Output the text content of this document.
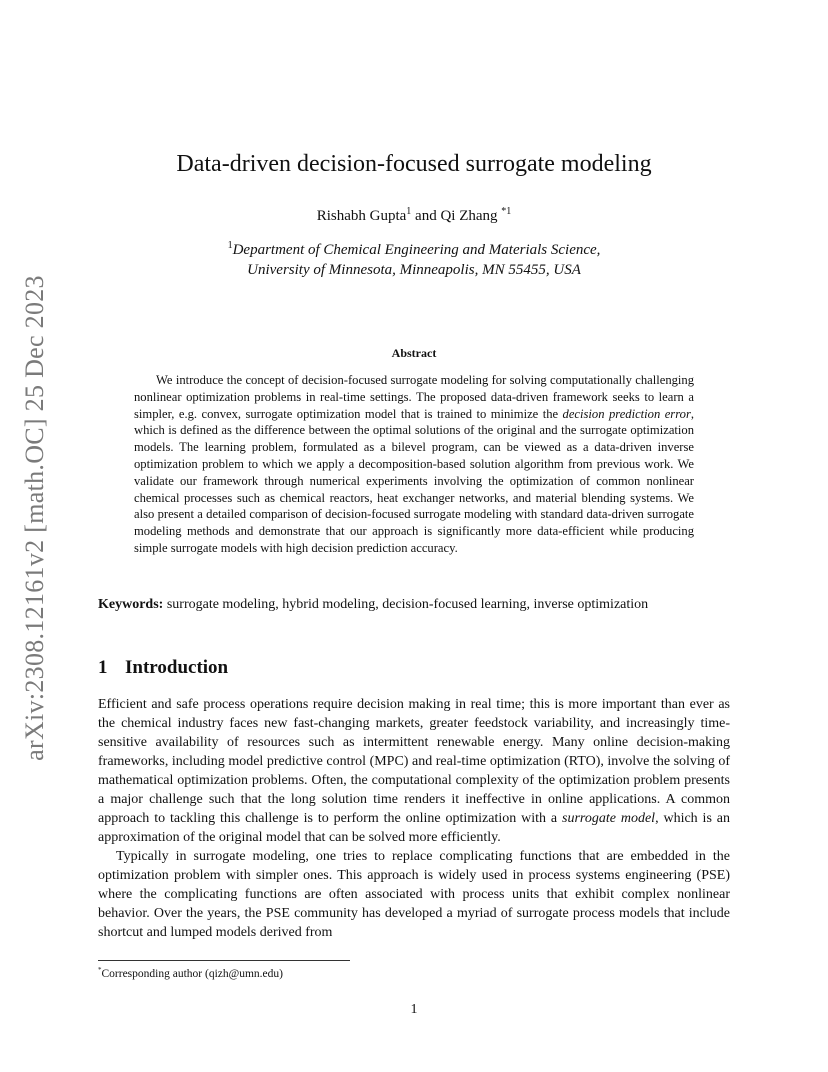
arXiv:2308.12161v2 [math.OC] 25 Dec 2023
Data-driven decision-focused surrogate modeling
Rishabh Gupta$^1$ and Qi Zhang $^{*1}$
$^1$Department of Chemical Engineering and Materials Science,
University of Minnesota, Minneapolis, MN 55455, USA
Abstract

We introduce the concept of decision-focused surrogate modeling for solving computationally challenging nonlinear optimization problems in real-time settings. The proposed data-driven framework seeks to learn a simpler, e.g. convex, surrogate optimization model that is trained to minimize the decision prediction error, which is defined as the difference between the optimal solutions of the original and the surrogate optimization models. The learning problem, formulated as a bilevel program, can be viewed as a data-driven inverse optimization problem to which we apply a decomposition-based solution algorithm from previous work. We validate our framework through numerical experiments involving the optimization of common nonlinear chemical processes such as chemical reactors, heat exchanger networks, and material blending systems. We also present a detailed comparison of decision-focused surrogate modeling with standard data-driven surrogate modeling methods and demonstrate that our approach is significantly more data-efficient while producing simple surrogate models with high decision prediction accuracy.

Keywords: surrogate modeling, hybrid modeling, decision-focused learning, inverse optimization

1 Introduction

Efficient and safe process operations require decision making in real time; this is more important than ever as the chemical industry faces new fast-changing markets, greater feedstock variability, and increasingly time-sensitive availability of resources such as intermittent renewable energy. Many online decision-making frameworks, including model predictive control (MPC) and real-time optimization (RTO), involve the solving of mathematical optimization problems. Often, the computational complexity of the optimization problem presents a major challenge such that the long solution time renders it ineffective in online applications. A common approach to tackling this challenge is to perform the online optimization with a surrogate model, which is an approximation of the original model that can be solved more efficiently.

Typically in surrogate modeling, one tries to replace complicating functions that are embedded in the optimization problem with simpler ones. This approach is widely used in process systems engineering (PSE) where the complicating functions are often associated with process units that exhibit complex nonlinear behavior. Over the years, the PSE community has developed a myriad of surrogate process models that include shortcut and lumped models derived from

*Corresponding author (qizh@umn.edu)
1
